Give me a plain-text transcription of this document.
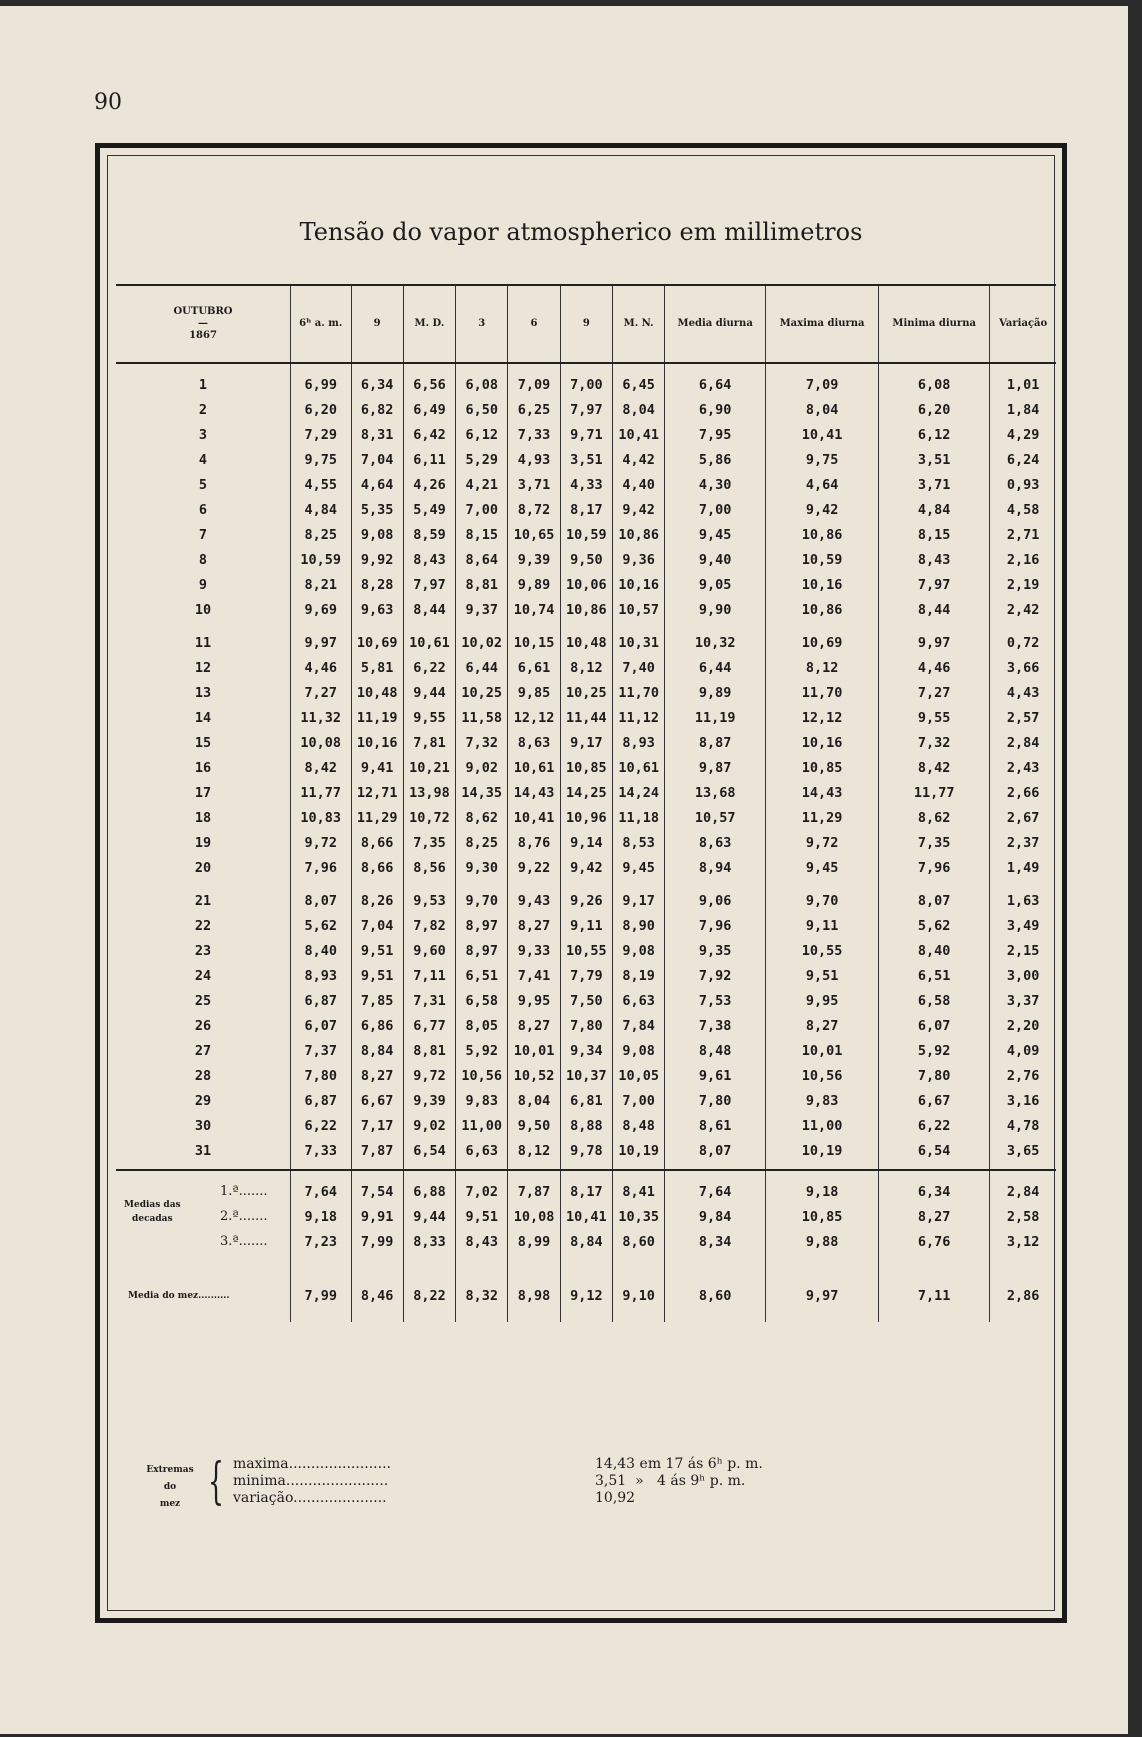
90
Tensão do vapor atmospherico em millimetros
OUTUBRO
—
1867	6ʰ a. m.	9	M. D.	3	6	9	M. N.	Media diurna	Maxima diurna	Minima diurna	Variação

1	6,99	6,34	6,56	6,08	7,09	7,00	6,45	6,64	7,09	6,08	1,01
2	6,20	6,82	6,49	6,50	6,25	7,97	8,04	6,90	8,04	6,20	1,84
3	7,29	8,31	6,42	6,12	7,33	9,71	10,41	7,95	10,41	6,12	4,29
4	9,75	7,04	6,11	5,29	4,93	3,51	4,42	5,86	9,75	3,51	6,24
5	4,55	4,64	4,26	4,21	3,71	4,33	4,40	4,30	4,64	3,71	0,93
6	4,84	5,35	5,49	7,00	8,72	8,17	9,42	7,00	9,42	4,84	4,58
7	8,25	9,08	8,59	8,15	10,65	10,59	10,86	9,45	10,86	8,15	2,71
8	10,59	9,92	8,43	8,64	9,39	9,50	9,36	9,40	10,59	8,43	2,16
9	8,21	8,28	7,97	8,81	9,89	10,06	10,16	9,05	10,16	7,97	2,19
10	9,69	9,63	8,44	9,37	10,74	10,86	10,57	9,90	10,86	8,44	2,42

11	9,97	10,69	10,61	10,02	10,15	10,48	10,31	10,32	10,69	9,97	0,72
12	4,46	5,81	6,22	6,44	6,61	8,12	7,40	6,44	8,12	4,46	3,66
13	7,27	10,48	9,44	10,25	9,85	10,25	11,70	9,89	11,70	7,27	4,43
14	11,32	11,19	9,55	11,58	12,12	11,44	11,12	11,19	12,12	9,55	2,57
15	10,08	10,16	7,81	7,32	8,63	9,17	8,93	8,87	10,16	7,32	2,84
16	8,42	9,41	10,21	9,02	10,61	10,85	10,61	9,87	10,85	8,42	2,43
17	11,77	12,71	13,98	14,35	14,43	14,25	14,24	13,68	14,43	11,77	2,66
18	10,83	11,29	10,72	8,62	10,41	10,96	11,18	10,57	11,29	8,62	2,67
19	9,72	8,66	7,35	8,25	8,76	9,14	8,53	8,63	9,72	7,35	2,37
20	7,96	8,66	8,56	9,30	9,22	9,42	9,45	8,94	9,45	7,96	1,49

21	8,07	8,26	9,53	9,70	9,43	9,26	9,17	9,06	9,70	8,07	1,63
22	5,62	7,04	7,82	8,97	8,27	9,11	8,90	7,96	9,11	5,62	3,49
23	8,40	9,51	9,60	8,97	9,33	10,55	9,08	9,35	10,55	8,40	2,15
24	8,93	9,51	7,11	6,51	7,41	7,79	8,19	7,92	9,51	6,51	3,00
25	6,87	7,85	7,31	6,58	9,95	7,50	6,63	7,53	9,95	6,58	3,37
26	6,07	6,86	6,77	8,05	8,27	7,80	7,84	7,38	8,27	6,07	2,20
27	7,37	8,84	8,81	5,92	10,01	9,34	9,08	8,48	10,01	5,92	4,09
28	7,80	8,27	9,72	10,56	10,52	10,37	10,05	9,61	10,56	7,80	2,76
29	6,87	6,67	9,39	9,83	8,04	6,81	7,00	7,80	9,83	6,67	3,16
30	6,22	7,17	9,02	11,00	9,50	8,88	8,48	8,61	11,00	6,22	4,78
31	7,33	7,87	6,54	6,63	8,12	9,78	10,19	8,07	10,19	6,54	3,65

1.ª.......	7,64	7,54	6,88	7,02	7,87	8,17	8,41	7,64	9,18	6,34	2,84

Medias das
decadas 2.ª.......	9,18	9,91	9,44	9,51	10,08	10,41	10,35	9,84	10,85	8,27	2,58

3.ª.......	7,23	7,99	8,33	8,43	8,99	8,84	8,60	8,34	9,88	6,76	3,12

Media do mez..........	7,99	8,46	8,22	8,32	8,98	9,12	9,10	8,60	9,97	7,11	2,86

Extremas
do
mez { maxima.......................
minima.......................
variação.....................
14,43 em 17 ás 6ʰ p. m.
3,51  »   4 ás 9ʰ p. m.
10,92
